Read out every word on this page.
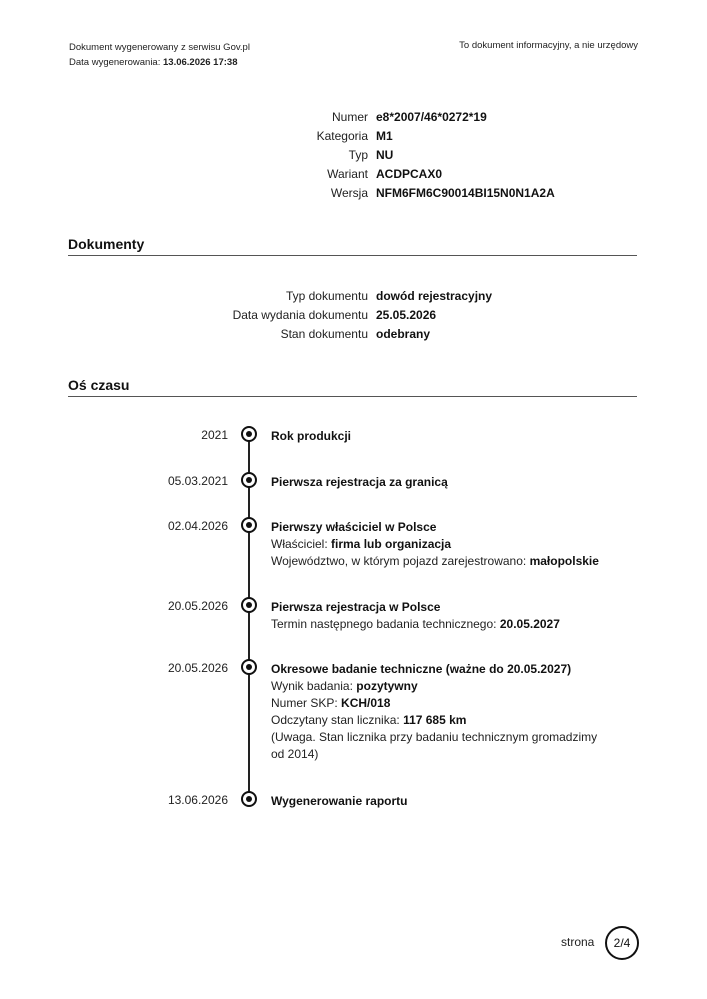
Dokument wygenerowany z serwisu Gov.pl
Data wygenerowania: 13.06.2026 17:38
To dokument informacyjny, a nie urzędowy
Numer e8*2007/46*0272*19
Kategoria M1
Typ NU
Wariant ACDPCAX0
Wersja NFM6FM6C90014BI15N0N1A2A
Dokumenty
Typ dokumentu dowód rejestracyjny
Data wydania dokumentu 25.05.2026
Stan dokumentu odebrany
Oś czasu
2021	Rok produkcji
05.03.2021	Pierwsza rejestracja za granicą
02.04.2026	Pierwszy właściciel w Polsce
Właściciel: firma lub organizacja
Województwo, w którym pojazd zarejestrowano: małopolskie
20.05.2026	Pierwsza rejestracja w Polsce
Termin następnego badania technicznego: 20.05.2027
20.05.2026	Okresowe badanie techniczne (ważne do 20.05.2027)
Wynik badania: pozytywny
Numer SKP: KCH/018
Odczytany stan licznika: 117 685 km
(Uwaga. Stan licznika przy badaniu technicznym gromadzimy od 2014)
13.06.2026	Wygenerowanie raportu
strona	2/4
